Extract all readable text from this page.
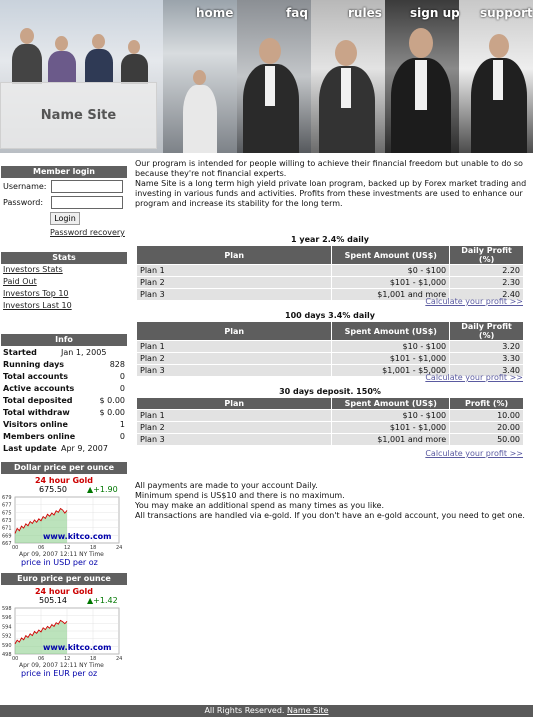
Name Site
home	faq	rules sign up support
Member login
Username:
Password:
Login
Password recovery
Stats
Investors Stats
Paid Out
Investors Top 10
Investors Last 10
Info
Started	Jan 1, 2005
Running days	828
Total accounts	0
Active accounts	0
Total deposited	$ 0.00
Total withdraw	$ 0.00
Visitors online	1
Members online	0
Last update Apr 9, 2007
Dollar price per ounce
24 hour Gold
675.50	▲+1.90
679
677
675
673
671
669
667
00	06	12	18	24
www.kitco.com
Apr 09, 2007 12:11 NY Time
price in USD per oz
Euro price per ounce
24 hour Gold
505.14	▲+1.42
598
596
594
592
590
498
00	06	12	18	24
www.kitco.com
Apr 09, 2007 12:11 NY Time
price in EUR per oz

Our program is intended for people willing to achieve their financial freedom but unable to do so because they're not financial experts.

Name Site is a long term high yield private loan program, backed up by Forex market trading and investing in various funds and activities. Profits from these investments are used to enhance our program and increase its stability for the long term.

1 year 2.4% daily
Plan	Spent Amount (US$)	Daily Profit (%)
Plan 1	$0 - $100	2.20
Plan 2	$101 - $1,000	2.30
Plan 3	$1,001 and more	2.40
Calculate your profit >>
100 days 3.4% daily
Plan	Spent Amount (US$)	Daily Profit (%)
Plan 1	$10 - $100	3.20
Plan 2	$101 - $1,000	3.30
Plan 3	$1,001 - $5,000	3.40
Calculate your profit >>
30 days deposit. 150%
Plan	Spent Amount (US$)	Profit (%)
Plan 1	$10 - $100	10.00
Plan 2	$101 - $1,000	20.00
Plan 3	$1,001 and more	50.00
Calculate your profit >>

All payments are made to your account Daily.

Minimum spend is US$10 and there is no maximum.

You may make an additional spend as many times as you like.

All transactions are handled via e-gold. If you don't have an e-gold account, you need to get one.

All Rights Reserved. Name Site
